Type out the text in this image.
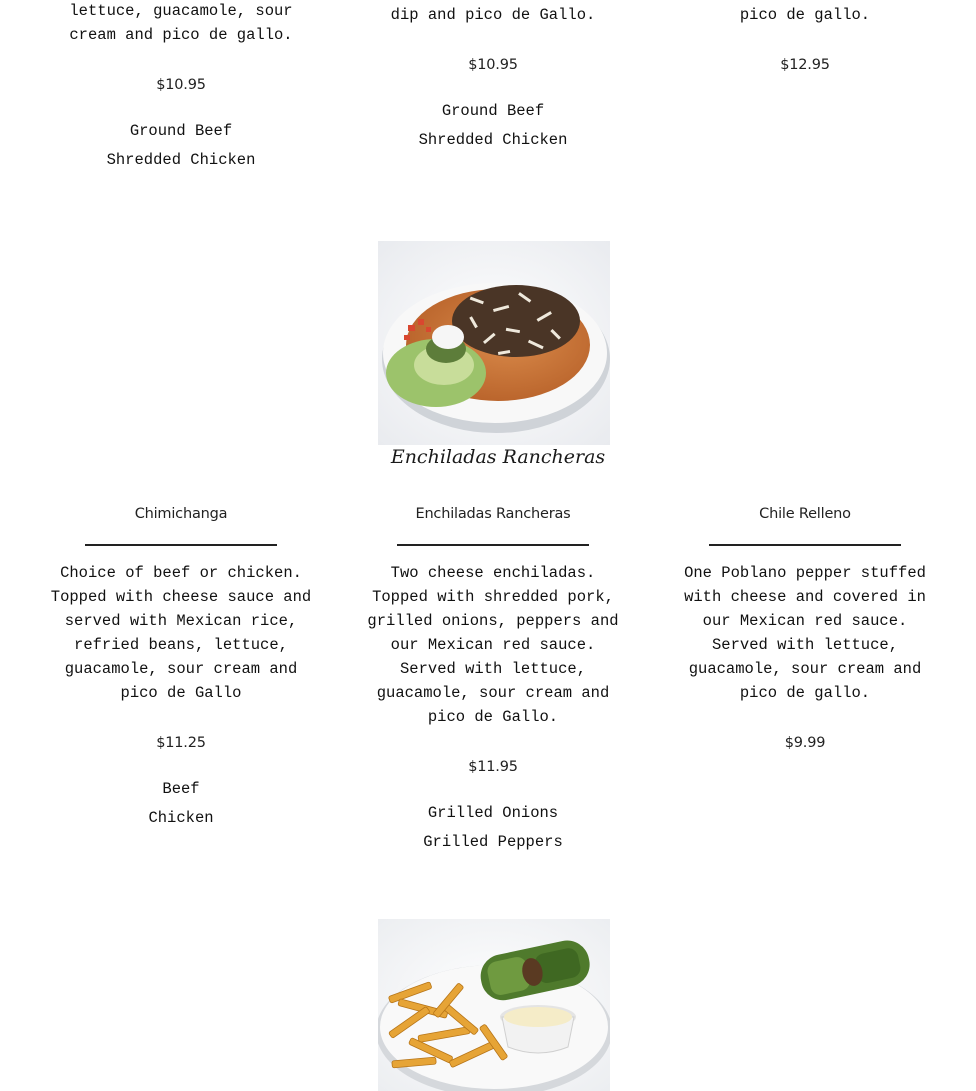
lettuce, guacamole, sour cream and pico de gallo.
$10.95
Ground Beef
Shredded Chicken
dip and pico de Gallo.
$10.95
Ground Beef
Shredded Chicken
pico de gallo.
$12.95
Enchiladas Rancheras
Chimichanga
Choice of beef or chicken. Topped with cheese sauce and served with Mexican rice, refried beans, lettuce, guacamole, sour cream and pico de Gallo
$11.25
Beef
Chicken
Enchiladas Rancheras
Two cheese enchiladas. Topped with shredded pork, grilled onions, peppers and our Mexican red sauce. Served with lettuce, guacamole, sour cream and pico de Gallo.
$11.95
Grilled Onions
Grilled Peppers
Chile Relleno
One Poblano pepper stuffed with cheese and covered in our Mexican red sauce. Served with lettuce, guacamole, sour cream and pico de gallo.
$9.99
